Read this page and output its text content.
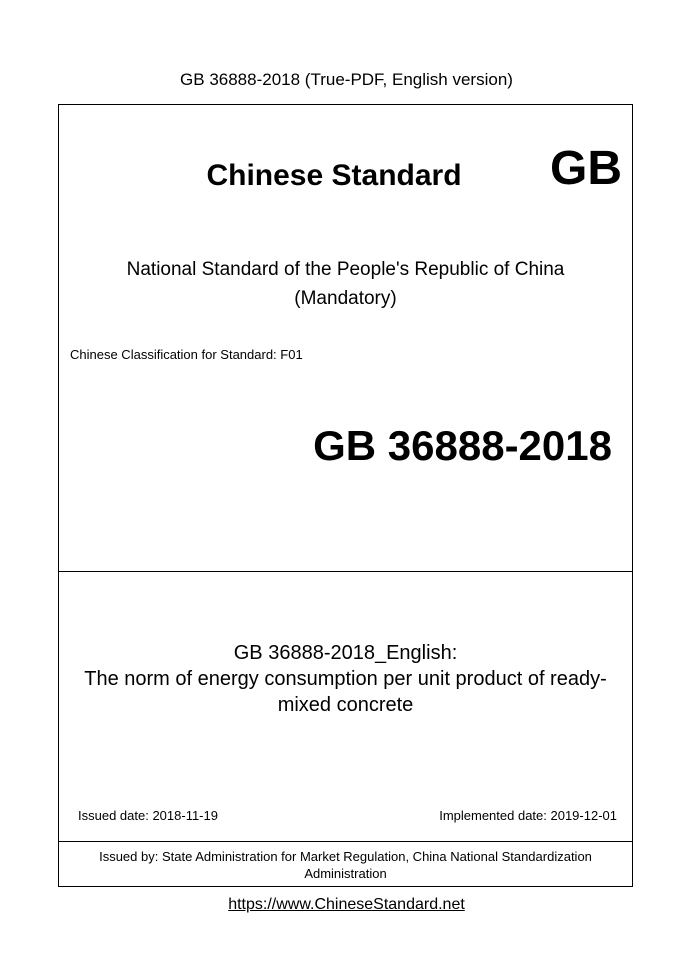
GB 36888-2018 (True-PDF, English version)
Chinese Standard	GB
National Standard of the People's Republic of China
(Mandatory)
Chinese Classification for Standard: F01
GB 36888-2018
GB 36888-2018_English:
The norm of energy consumption per unit product of ready-
mixed concrete
Issued date: 2018-11-19	Implemented date: 2019-12-01
Issued by: State Administration for Market Regulation, China National Standardization Administration
https://www.ChineseStandard.net
